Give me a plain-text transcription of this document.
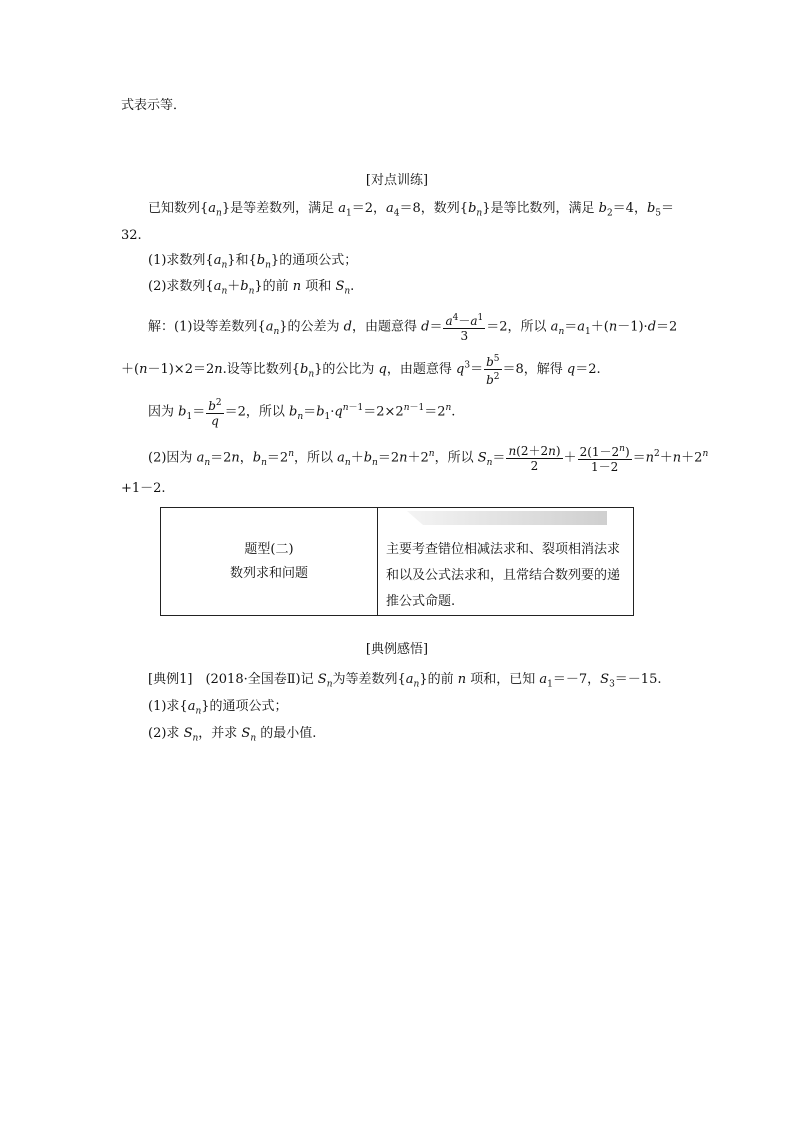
式表示等．
[对点训练]
已知数列$\{a_n\}$是等差数列，满足 $a_1=2$，$a_4=8$，数列$\{b_n\}$是等比数列，满足 $b_2=4$，$b_5=$
32.
(1)求数列$\{a_n\}$和$\{b_n\}$的通项公式；
(2)求数列$\{a_n+b_n\}$的前 n 项和 $S_n$.
解：(1)设等差数列$\{a_n\}$的公差为 d，由题意得 $d= \frac{a^4-a^1}{3} =2$，所以 $a_n=a_1+(n-1)\cdot d=2$
＋(n－1)×2＝2n.设等比数列$\{b_n\}$的公比为 q，由题意得 $q^3= \frac{b^5}{b^2} =8$，解得 q＝2.
因为 $b_1= \frac{b^2}{q} =2$，所以 $b_n=b_1\cdot q^{n-1}=2\times 2^{n-1}=2^n$.
(2)因为 $a_n=2n$，$b_n=2^n$，所以 $a_n+b_n=2n+2^n$，所以 $S_n= \frac{n(2+2n)}{2} + \frac{2(1-2^n)}{1-2} =n^2+n+2^n$
+1－2.
题型(二)
数列求和问题
主要考查错位相减法求和、裂项相消法求和以及公式法求和，且常结合数列要的递推公式命题.
[典例感悟]
[典例1]　 (2018·全国卷Ⅱ)记 $S_n$为等差数列$\{a_n\}$的前 n 项和，已知 $a_1=-7$，$S_3=-15$.
(1)求$\{a_n\}$的通项公式；
(2)求 $S_n$，并求 $S_n$ 的最小值.
